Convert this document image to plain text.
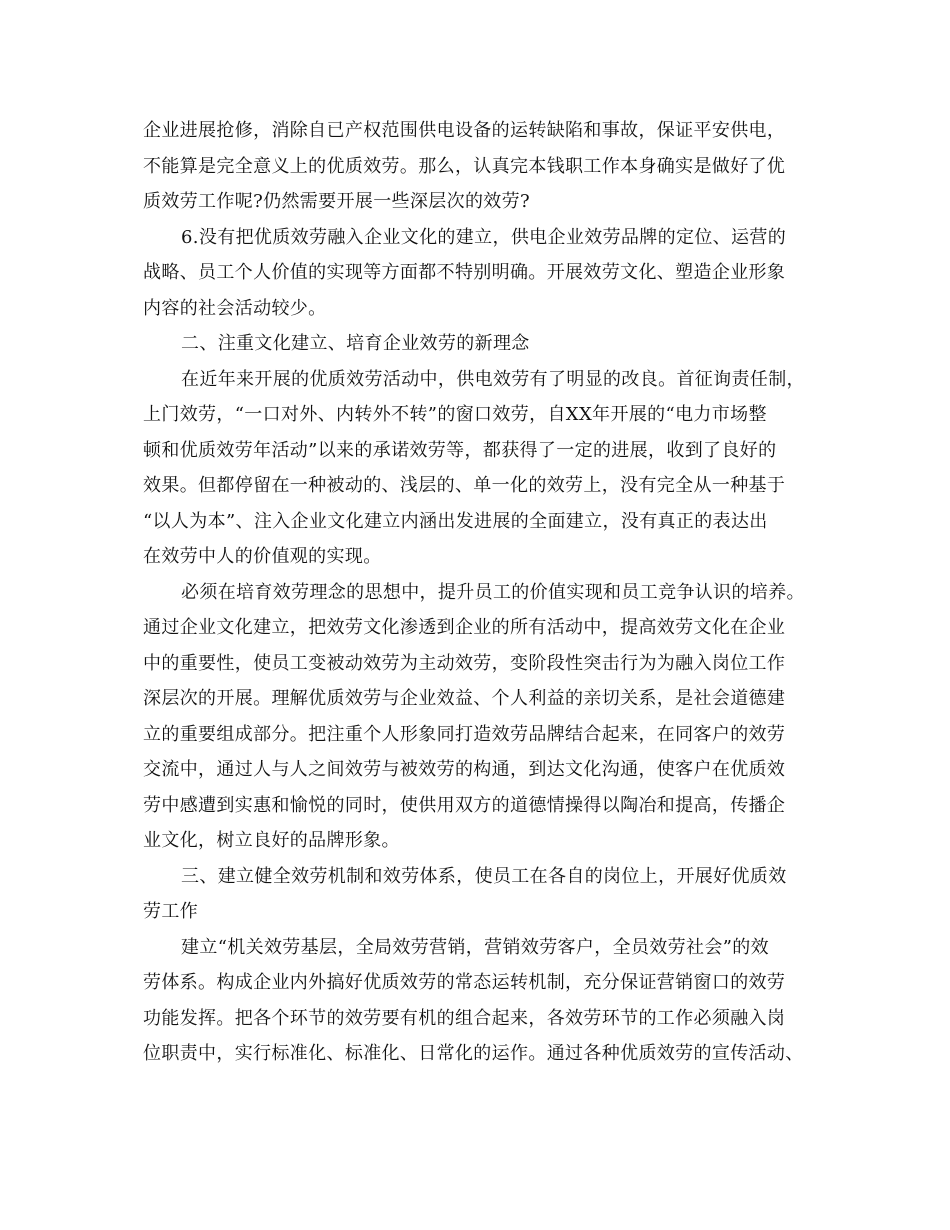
企业进展抢修，消除自已产权范围供电设备的运转缺陷和事故，保证平安供电，
不能算是完全意义上的优质效劳。那么，认真完本钱职工作本身确实是做好了优
质效劳工作呢?仍然需要开展一些深层次的效劳?

6.没有把优质效劳融入企业文化的建立，供电企业效劳品牌的定位、运营的
战略、员工个人价值的实现等方面都不特别明确。开展效劳文化、塑造企业形象
内容的社会活动较少。

二、注重文化建立、培育企业效劳的新理念

在近年来开展的优质效劳活动中，供电效劳有了明显的改良。首征询责任制，
上门效劳，“一口对外、内转外不转”的窗口效劳，自XX年开展的“电力市场整
顿和优质效劳年活动”以来的承诺效劳等，都获得了一定的进展，收到了良好的
效果。但都停留在一种被动的、浅层的、单一化的效劳上，没有完全从一种基于
“以人为本”、注入企业文化建立内涵出发进展的全面建立，没有真正的表达出
在效劳中人的价值观的实现。

必须在培育效劳理念的思想中，提升员工的价值实现和员工竞争认识的培养。
通过企业文化建立，把效劳文化渗透到企业的所有活动中，提高效劳文化在企业
中的重要性，使员工变被动效劳为主动效劳，变阶段性突击行为为融入岗位工作
深层次的开展。理解优质效劳与企业效益、个人利益的亲切关系，是社会道德建
立的重要组成部分。把注重个人形象同打造效劳品牌结合起来，在同客户的效劳
交流中，通过人与人之间效劳与被效劳的构通，到达文化沟通，使客户在优质效
劳中感遭到实惠和愉悦的同时，使供用双方的道德情操得以陶冶和提高，传播企
业文化，树立良好的品牌形象。

三、建立健全效劳机制和效劳体系，使员工在各自的岗位上，开展好优质效
劳工作

建立“机关效劳基层，全局效劳营销，营销效劳客户，全员效劳社会”的效
劳体系。构成企业内外搞好优质效劳的常态运转机制，充分保证营销窗口的效劳
功能发挥。把各个环节的效劳要有机的组合起来，各效劳环节的工作必须融入岗
位职责中，实行标准化、标准化、日常化的运作。通过各种优质效劳的宣传活动、
